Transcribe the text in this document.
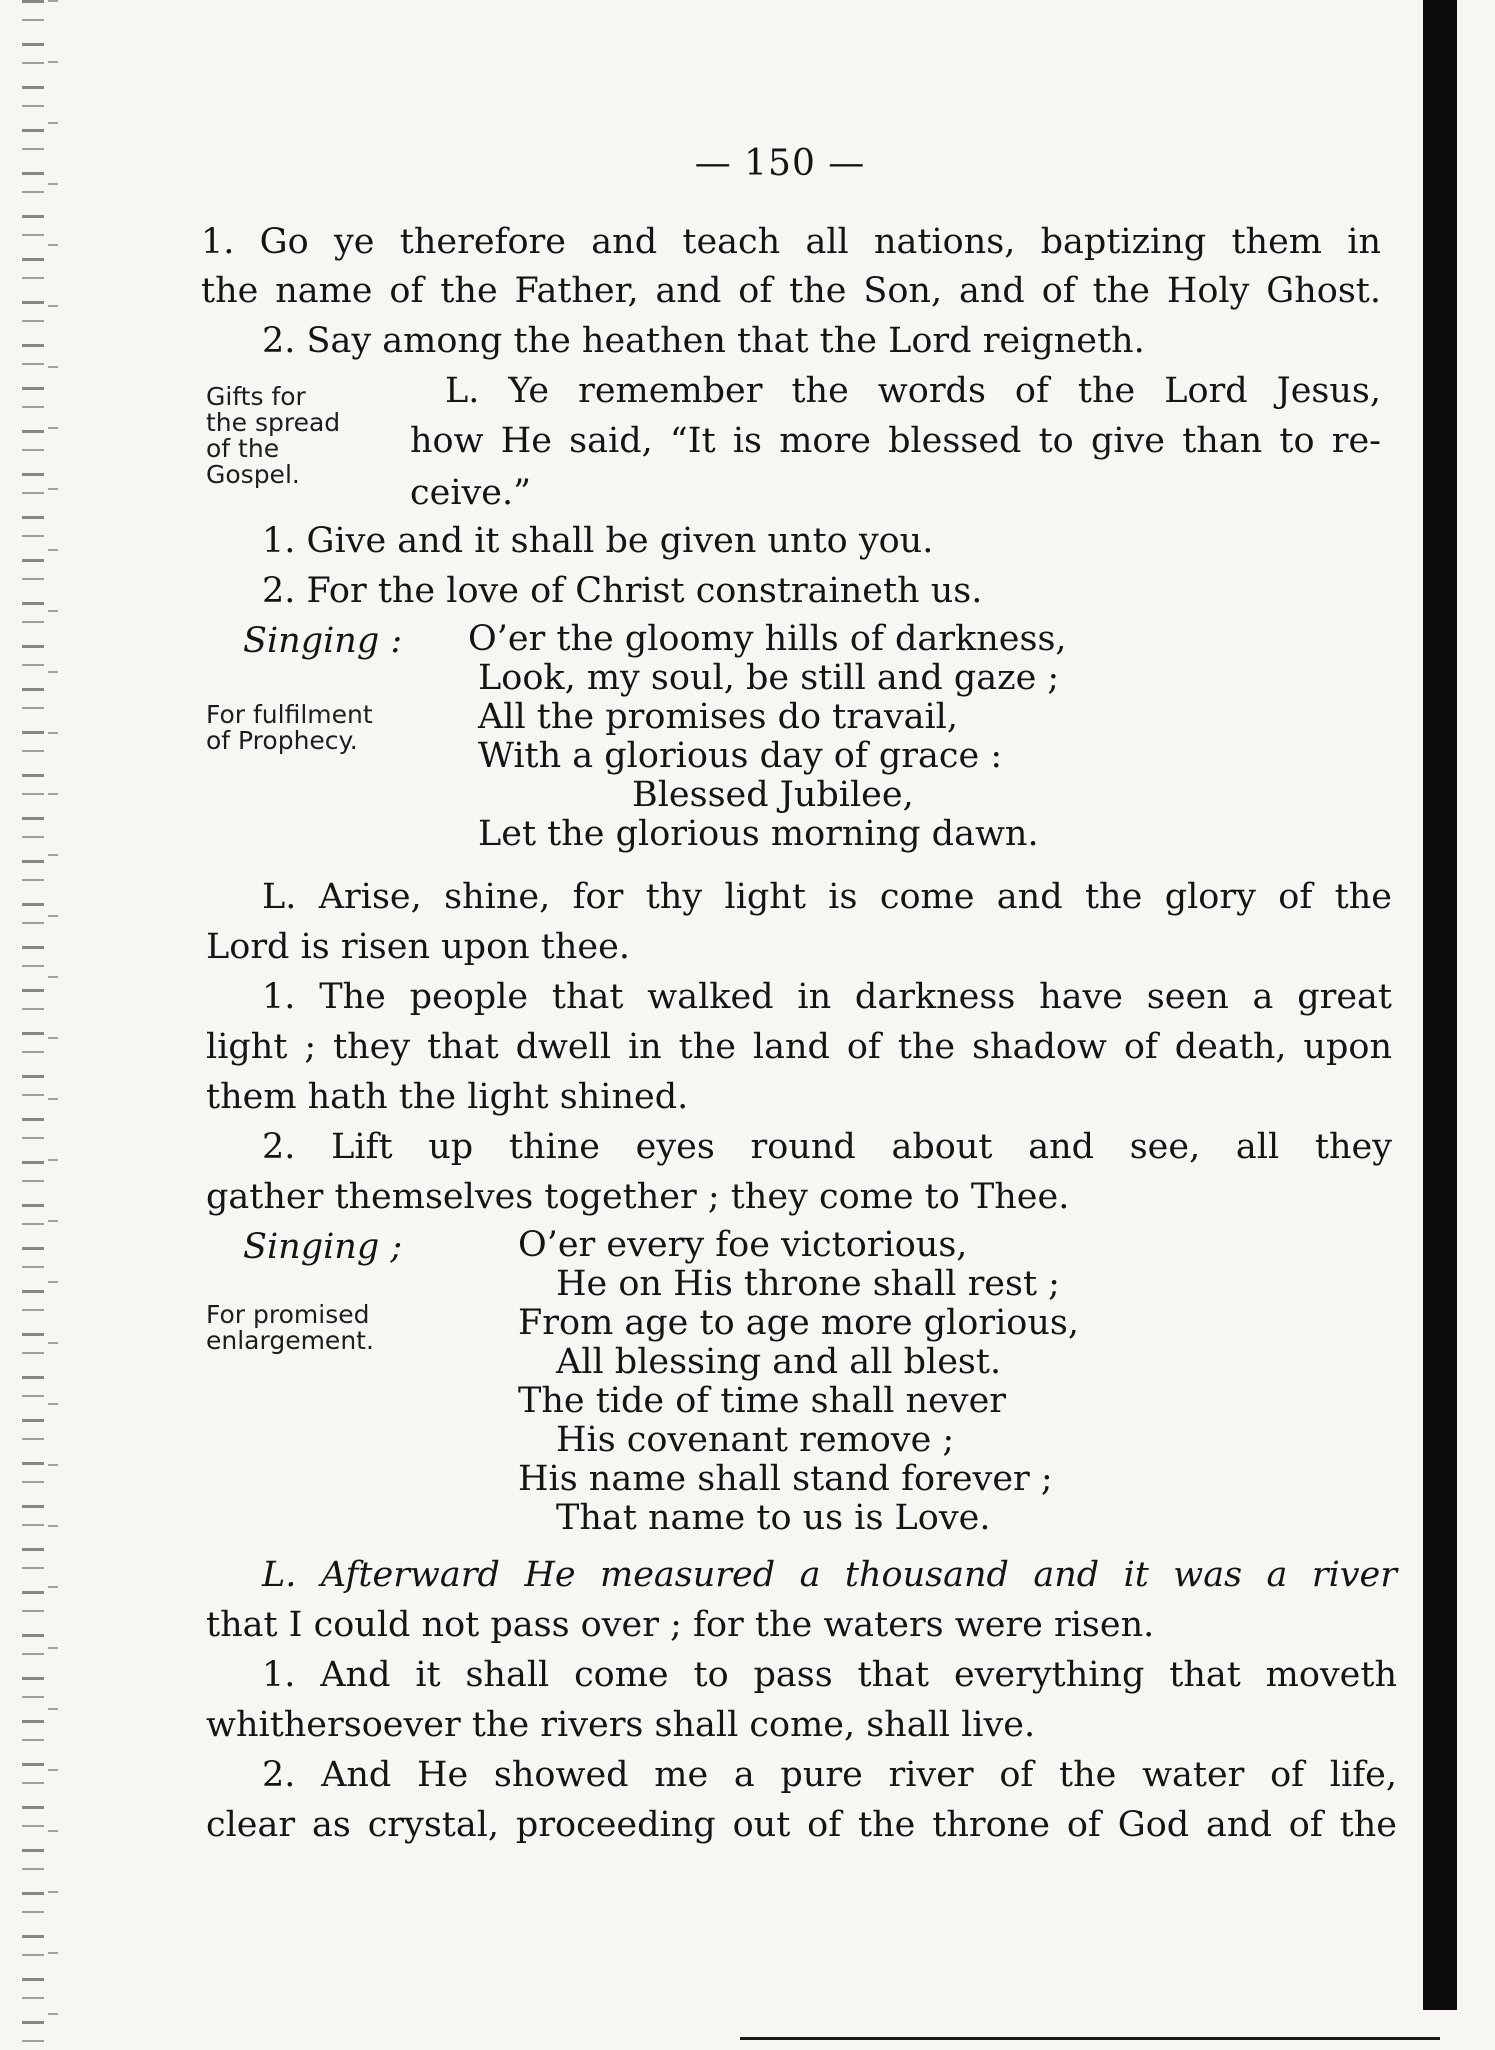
— 150 —
1. Go ye therefore and teach all nations, baptizing them in
the name of the Father, and of the Son, and of the Holy Ghost.
2. Say among the heathen that the Lord reigneth.
Gifts for
the spread
of the
Gospel.
L. Ye remember the words of the Lord Jesus,
how He said, “It is more blessed to give than to re-
ceive.”
1. Give and it shall be given unto you.
2. For the love of Christ constraineth us.
Singing :
For fulfilment
of Prophecy.
O’er the gloomy hills of darkness,
Look, my soul, be still and gaze ;
All the promises do travail,
With a glorious day of grace :
Blessed Jubilee,
Let the glorious morning dawn.
L. Arise, shine, for thy light is come and the glory of the
Lord is risen upon thee.
1. The people that walked in darkness have seen a great
light ; they that dwell in the land of the shadow of death, upon
them hath the light shined.
2. Lift up thine eyes round about and see, all they
gather themselves together ; they come to Thee.
Singing ;
For promised
enlargement.
O’er every foe victorious,
He on His throne shall rest ;
From age to age more glorious,
All blessing and all blest.
The tide of time shall never
His covenant remove ;
His name shall stand forever ;
That name to us is Love.
L. Afterward He measured a thousand and it was a river
that I could not pass over ; for the waters were risen.
1. And it shall come to pass that everything that moveth
whithersoever the rivers shall come, shall live.
2. And He showed me a pure river of the water of life,
clear as crystal, proceeding out of the throne of God and of the
